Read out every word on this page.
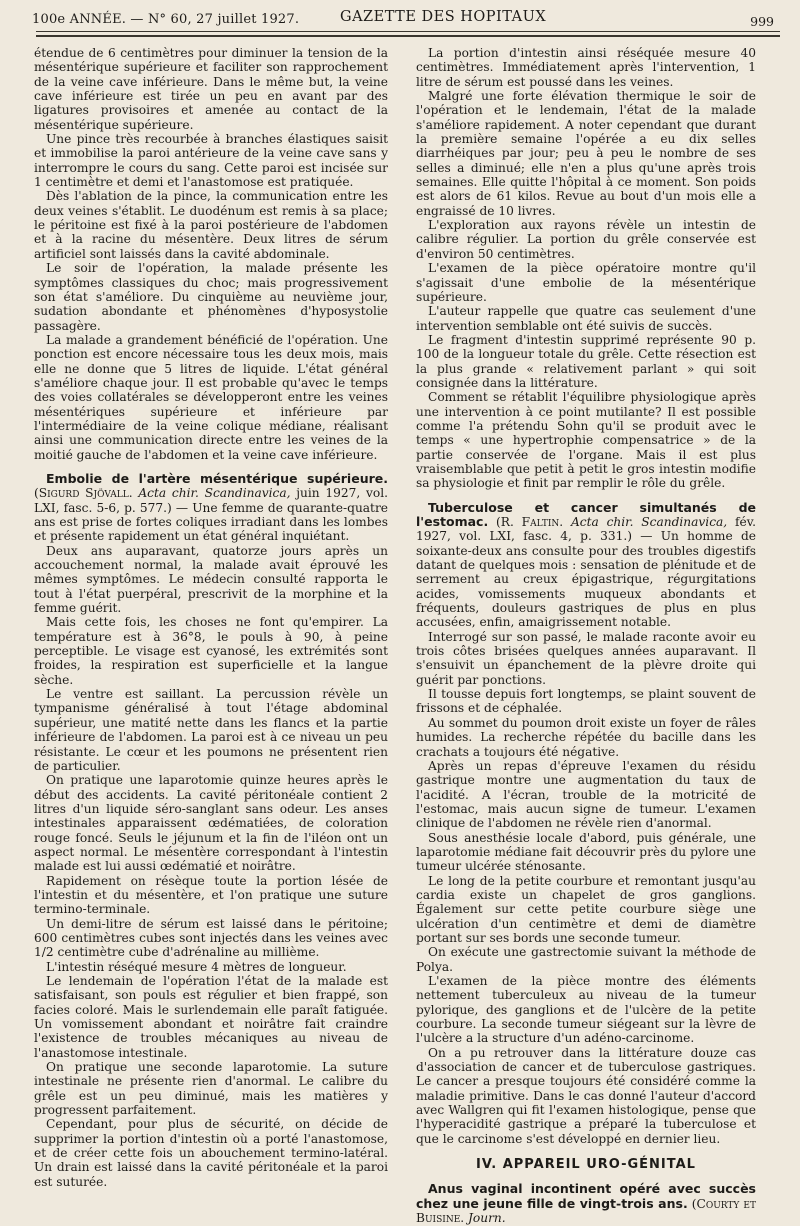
100e ANNÉE. — N° 60, 27 juillet 1927.	GAZETTE DES HOPITAUX	999

étendue de 6 centimètres pour diminuer la tension de la mésentérique supérieure et faciliter son rapprochement de la veine cave inférieure. Dans le même but, la veine cave inférieure est tirée un peu en avant par des ligatures provisoires et amenée au contact de la mésentérique supérieure.

Une pince très recourbée à branches élastiques saisit et immobilise la paroi antérieure de la veine cave sans y interrompre le cours du sang. Cette paroi est incisée sur 1 centimètre et demi et l'anastomose est pratiquée.

Dès l'ablation de la pince, la communication entre les deux veines s'établit. Le duodénum est remis à sa place; le péritoine est fixé à la paroi postérieure de l'abdomen et à la racine du mésentère. Deux litres de sérum artificiel sont laissés dans la cavité abdominale.

Le soir de l'opération, la malade présente les symptômes classiques du choc; mais progressivement son état s'améliore. Du cinquième au neuvième jour, sudation abondante et phénomènes d'hyposystolie passagère.

La malade a grandement bénéficié de l'opération. Une ponction est encore nécessaire tous les deux mois, mais elle ne donne que 5 litres de liquide. L'état général s'améliore chaque jour. Il est probable qu'avec le temps des voies collatérales se développeront entre les veines mésentériques supérieure et inférieure par l'intermédiaire de la veine colique médiane, réalisant ainsi une communication directe entre les veines de la moitié gauche de l'abdomen et la veine cave inférieure.

Embolie de l'artère mésentérique supérieure. (Sigurd Sjövall. Acta chir. Scandinavica, juin 1927, vol. LXI, fasc. 5-6, p. 577.) — Une femme de quarante-quatre ans est prise de fortes coliques irradiant dans les lombes et présente rapidement un état général inquiétant.

Deux ans auparavant, quatorze jours après un accouchement normal, la malade avait éprouvé les mêmes symptômes. Le médecin consulté rapporta le tout à l'état puerpéral, prescrivit de la morphine et la femme guérit.

Mais cette fois, les choses ne font qu'empirer. La température est à 36°8, le pouls à 90, à peine perceptible. Le visage est cyanosé, les extrémités sont froides, la respiration est superficielle et la langue sèche.

Le ventre est saillant. La percussion révèle un tympanisme généralisé à tout l'étage abdominal supérieur, une matité nette dans les flancs et la partie inférieure de l'abdomen. La paroi est à ce niveau un peu résistante. Le cœur et les poumons ne présentent rien de particulier.

On pratique une laparotomie quinze heures après le début des accidents. La cavité péritonéale contient 2 litres d'un liquide séro-sanglant sans odeur. Les anses intestinales apparaissent œdématiées, de coloration rouge foncé. Seuls le jéjunum et la fin de l'iléon ont un aspect normal. Le mésentère correspondant à l'intestin malade est lui aussi œdématié et noirâtre.

Rapidement on résèque toute la portion lésée de l'intestin et du mésentère, et l'on pratique une suture termino-terminale.

Un demi-litre de sérum est laissé dans le péritoine; 600 centimètres cubes sont injectés dans les veines avec 1/2 centimètre cube d'adrénaline au millième.

L'intestin réséqué mesure 4 mètres de longueur.

Le lendemain de l'opération l'état de la malade est satisfaisant, son pouls est régulier et bien frappé, son facies coloré. Mais le surlendemain elle paraît fatiguée. Un vomissement abondant et noirâtre fait craindre l'existence de troubles mécaniques au niveau de l'anastomose intestinale.

On pratique une seconde laparotomie. La suture intestinale ne présente rien d'anormal. Le calibre du grêle est un peu diminué, mais les matières y progressent parfaitement.

Cependant, pour plus de sécurité, on décide de supprimer la portion d'intestin où a porté l'anastomose, et de créer cette fois un abouchement termino-latéral. Un drain est laissé dans la cavité péritonéale et la paroi est suturée.

La portion d'intestin ainsi réséquée mesure 40 centimètres. Immédiatement après l'intervention, 1 litre de sérum est poussé dans les veines.

Malgré une forte élévation thermique le soir de l'opération et le lendemain, l'état de la malade s'améliore rapidement. A noter cependant que durant la première semaine l'opérée a eu dix selles diarrhéiques par jour; peu à peu le nombre de ses selles a diminué; elle n'en a plus qu'une après trois semaines. Elle quitte l'hôpital à ce moment. Son poids est alors de 61 kilos. Revue au bout d'un mois elle a engraissé de 10 livres.

L'exploration aux rayons révèle un intestin de calibre régulier. La portion du grêle conservée est d'environ 50 centimètres.

L'examen de la pièce opératoire montre qu'il s'agissait d'une embolie de la mésentérique supérieure.

L'auteur rappelle que quatre cas seulement d'une intervention semblable ont été suivis de succès.

Le fragment d'intestin supprimé représente 90 p. 100 de la longueur totale du grêle. Cette résection est la plus grande « relativement parlant » qui soit consignée dans la littérature.

Comment se rétablit l'équilibre physiologique après une intervention à ce point mutilante? Il est possible comme l'a prétendu Sohn qu'il se produit avec le temps « une hypertrophie compensatrice » de la partie conservée de l'organe. Mais il est plus vraisemblable que petit à petit le gros intestin modifie sa physiologie et finit par remplir le rôle du grêle.

Tuberculose et cancer simultanés de l'estomac. (R. Faltin. Acta chir. Scandinavica, fév. 1927, vol. LXI, fasc. 4, p. 331.) — Un homme de soixante-deux ans consulte pour des troubles digestifs datant de quelques mois : sensation de plénitude et de serrement au creux épigastrique, régurgitations acides, vomissements muqueux abondants et fréquents, douleurs gastriques de plus en plus accusées, enfin, amaigrissement notable.

Interrogé sur son passé, le malade raconte avoir eu trois côtes brisées quelques années auparavant. Il s'ensuivit un épanchement de la plèvre droite qui guérit par ponctions.

Il tousse depuis fort longtemps, se plaint souvent de frissons et de céphalée.

Au sommet du poumon droit existe un foyer de râles humides. La recherche répétée du bacille dans les crachats a toujours été négative.

Après un repas d'épreuve l'examen du résidu gastrique montre une augmentation du taux de l'acidité. A l'écran, trouble de la motricité de l'estomac, mais aucun signe de tumeur. L'examen clinique de l'abdomen ne révèle rien d'anormal.

Sous anesthésie locale d'abord, puis générale, une laparotomie médiane fait découvrir près du pylore une tumeur ulcérée sténosante.

Le long de la petite courbure et remontant jusqu'au cardia existe un chapelet de gros ganglions. Également sur cette petite courbure siège une ulcération d'un centimètre et demi de diamètre portant sur ses bords une seconde tumeur.

On exécute une gastrectomie suivant la méthode de Polya.

L'examen de la pièce montre des éléments nettement tuberculeux au niveau de la tumeur pylorique, des ganglions et de l'ulcère de la petite courbure. La seconde tumeur siégeant sur la lèvre de l'ulcère a la structure d'un adéno-carcinome.

On a pu retrouver dans la littérature douze cas d'association de cancer et de tuberculose gastriques. Le cancer a presque toujours été considéré comme la maladie primitive. Dans le cas donné l'auteur d'accord avec Wallgren qui fit l'examen histologique, pense que l'hyperacidité gastrique a préparé la tuberculose et que le carcinome s'est développé en dernier lieu.

IV. APPAREIL URO-GÉNITAL

Anus vaginal incontinent opéré avec succès chez une jeune fille de vingt-trois ans. (Courty et Buisine. Journ.
